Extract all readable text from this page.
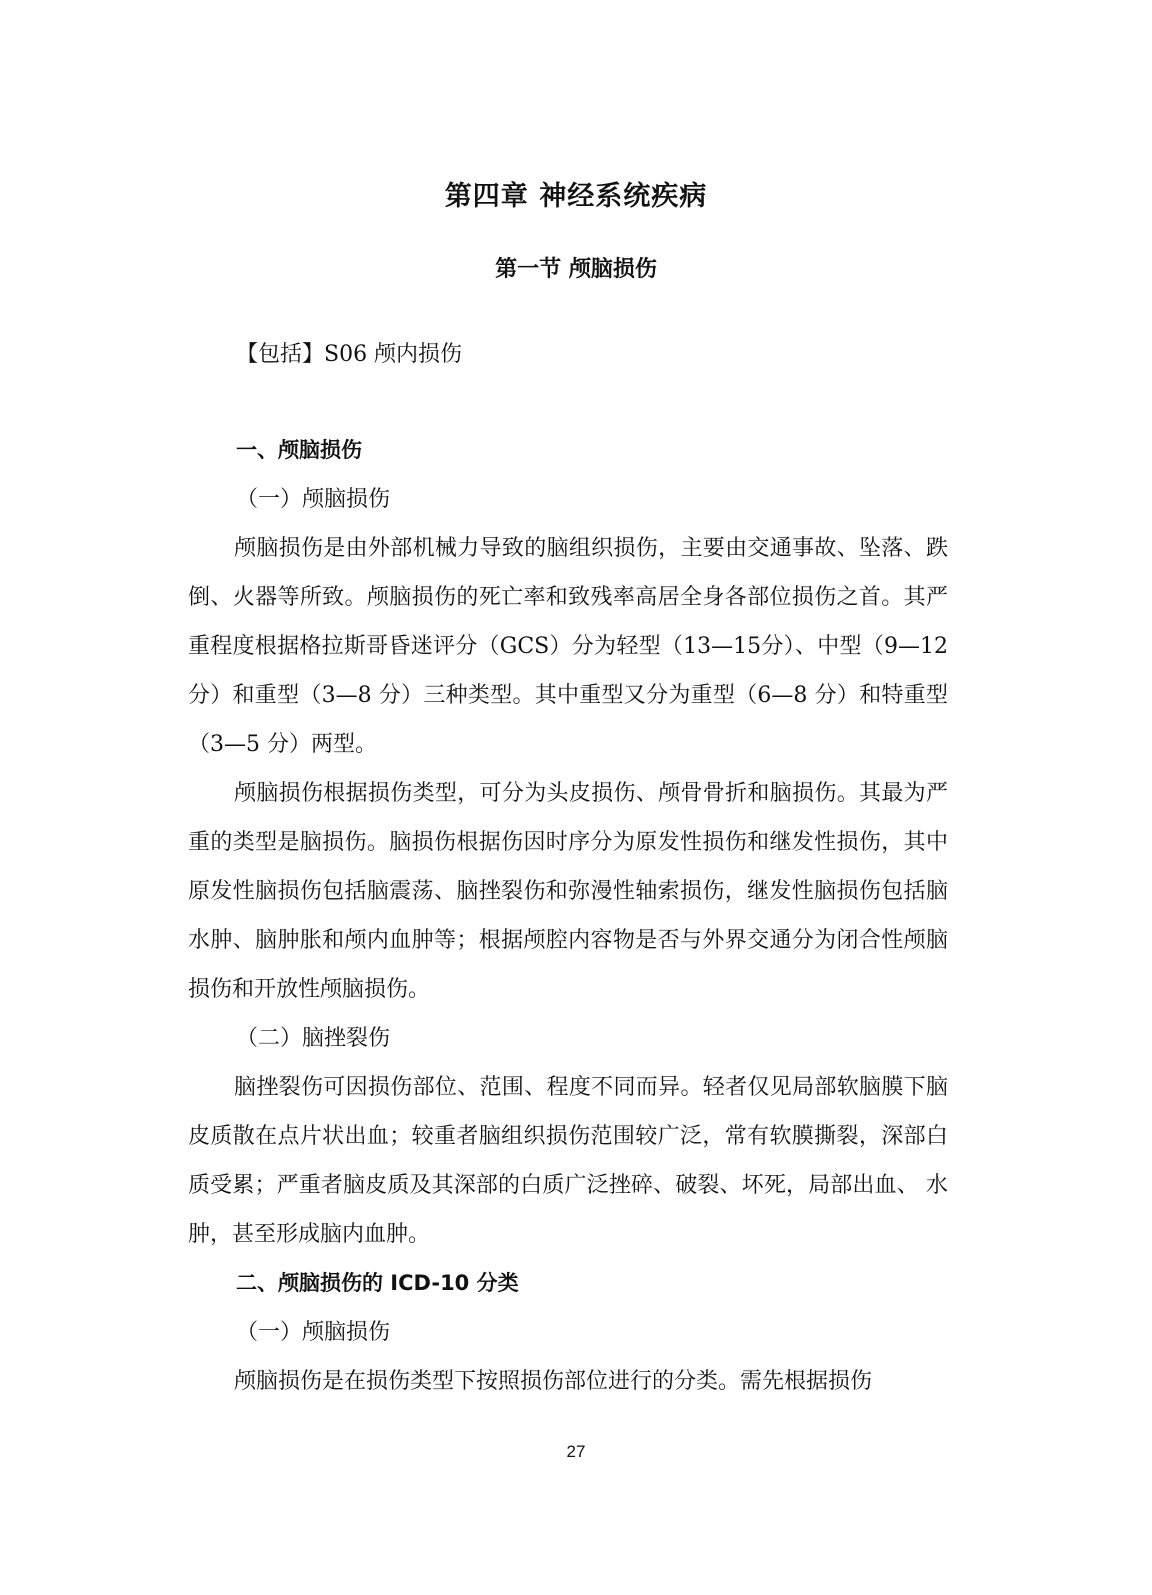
第四章 神经系统疾病
第一节 颅脑损伤

【包括】S06 颅内损伤

一、颅脑损伤

（一）颅脑损伤

颅脑损伤是由外部机械力导致的脑组织损伤，主要由交通事故、坠落、跌倒、火器等所致。颅脑损伤的死亡率和致残率高居全身各部位损伤之首。其严重程度根据格拉斯哥昏迷评分（GCS）分为轻型（13—15分）、中型（9—12 分）和重型（3—8 分）三种类型。其中重型又分为重型（6—8 分）和特重型（3—5 分）两型。

颅脑损伤根据损伤类型，可分为头皮损伤、颅骨骨折和脑损伤。其最为严重的类型是脑损伤。脑损伤根据伤因时序分为原发性损伤和继发性损伤，其中原发性脑损伤包括脑震荡、脑挫裂伤和弥漫性轴索损伤，继发性脑损伤包括脑水肿、脑肿胀和颅内血肿等；根据颅腔内容物是否与外界交通分为闭合性颅脑损伤和开放性颅脑损伤。

（二）脑挫裂伤

脑挫裂伤可因损伤部位、范围、程度不同而异。轻者仅见局部软脑膜下脑皮质散在点片状出血；较重者脑组织损伤范围较广泛，常有软膜撕裂，深部白质受累；严重者脑皮质及其深部的白质广泛挫碎、破裂、坏死，局部出血、 水肿，甚至形成脑内血肿。

二、颅脑损伤的 ICD-10 分类

（一）颅脑损伤

颅脑损伤是在损伤类型下按照损伤部位进行的分类。需先根据损伤

27
